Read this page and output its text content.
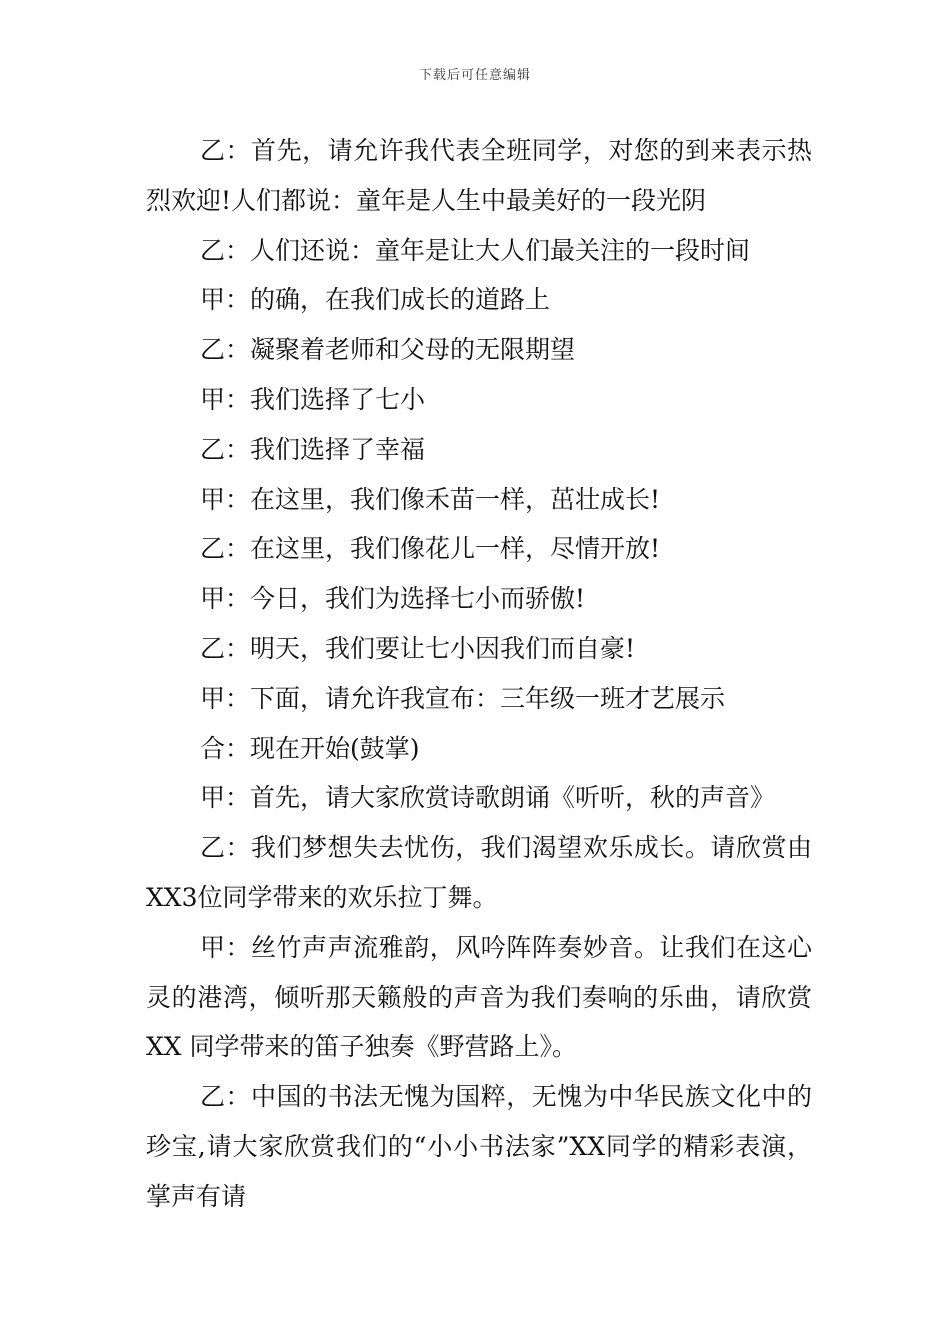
下载后可任意编辑

乙：首先，请允许我代表全班同学，对您的到来表示热烈欢迎!人们都说：童年是人生中最美好的一段光阴

乙：人们还说：童年是让大人们最关注的一段时间

甲：的确，在我们成长的道路上

乙：凝聚着老师和父母的无限期望

甲：我们选择了七小

乙：我们选择了幸福

甲：在这里，我们像禾苗一样，茁壮成长!

乙：在这里，我们像花儿一样，尽情开放!

甲：今日，我们为选择七小而骄傲!

乙：明天，我们要让七小因我们而自豪!

甲：下面，请允许我宣布：三年级一班才艺展示

合：现在开始(鼓掌)

甲：首先，请大家欣赏诗歌朗诵《听听，秋的声音》

乙：我们梦想失去忧伤，我们渴望欢乐成长。请欣赏由XX3位同学带来的欢乐拉丁舞。

甲：丝竹声声流雅韵，风吟阵阵奏妙音。让我们在这心灵的港湾，倾听那天籁般的声音为我们奏响的乐曲，请欣赏XX 同学带来的笛子独奏《野营路上》。

乙：中国的书法无愧为国粹，无愧为中华民族文化中的珍宝,请大家欣赏我们的“小小书法家”XX同学的精彩表演，掌声有请
